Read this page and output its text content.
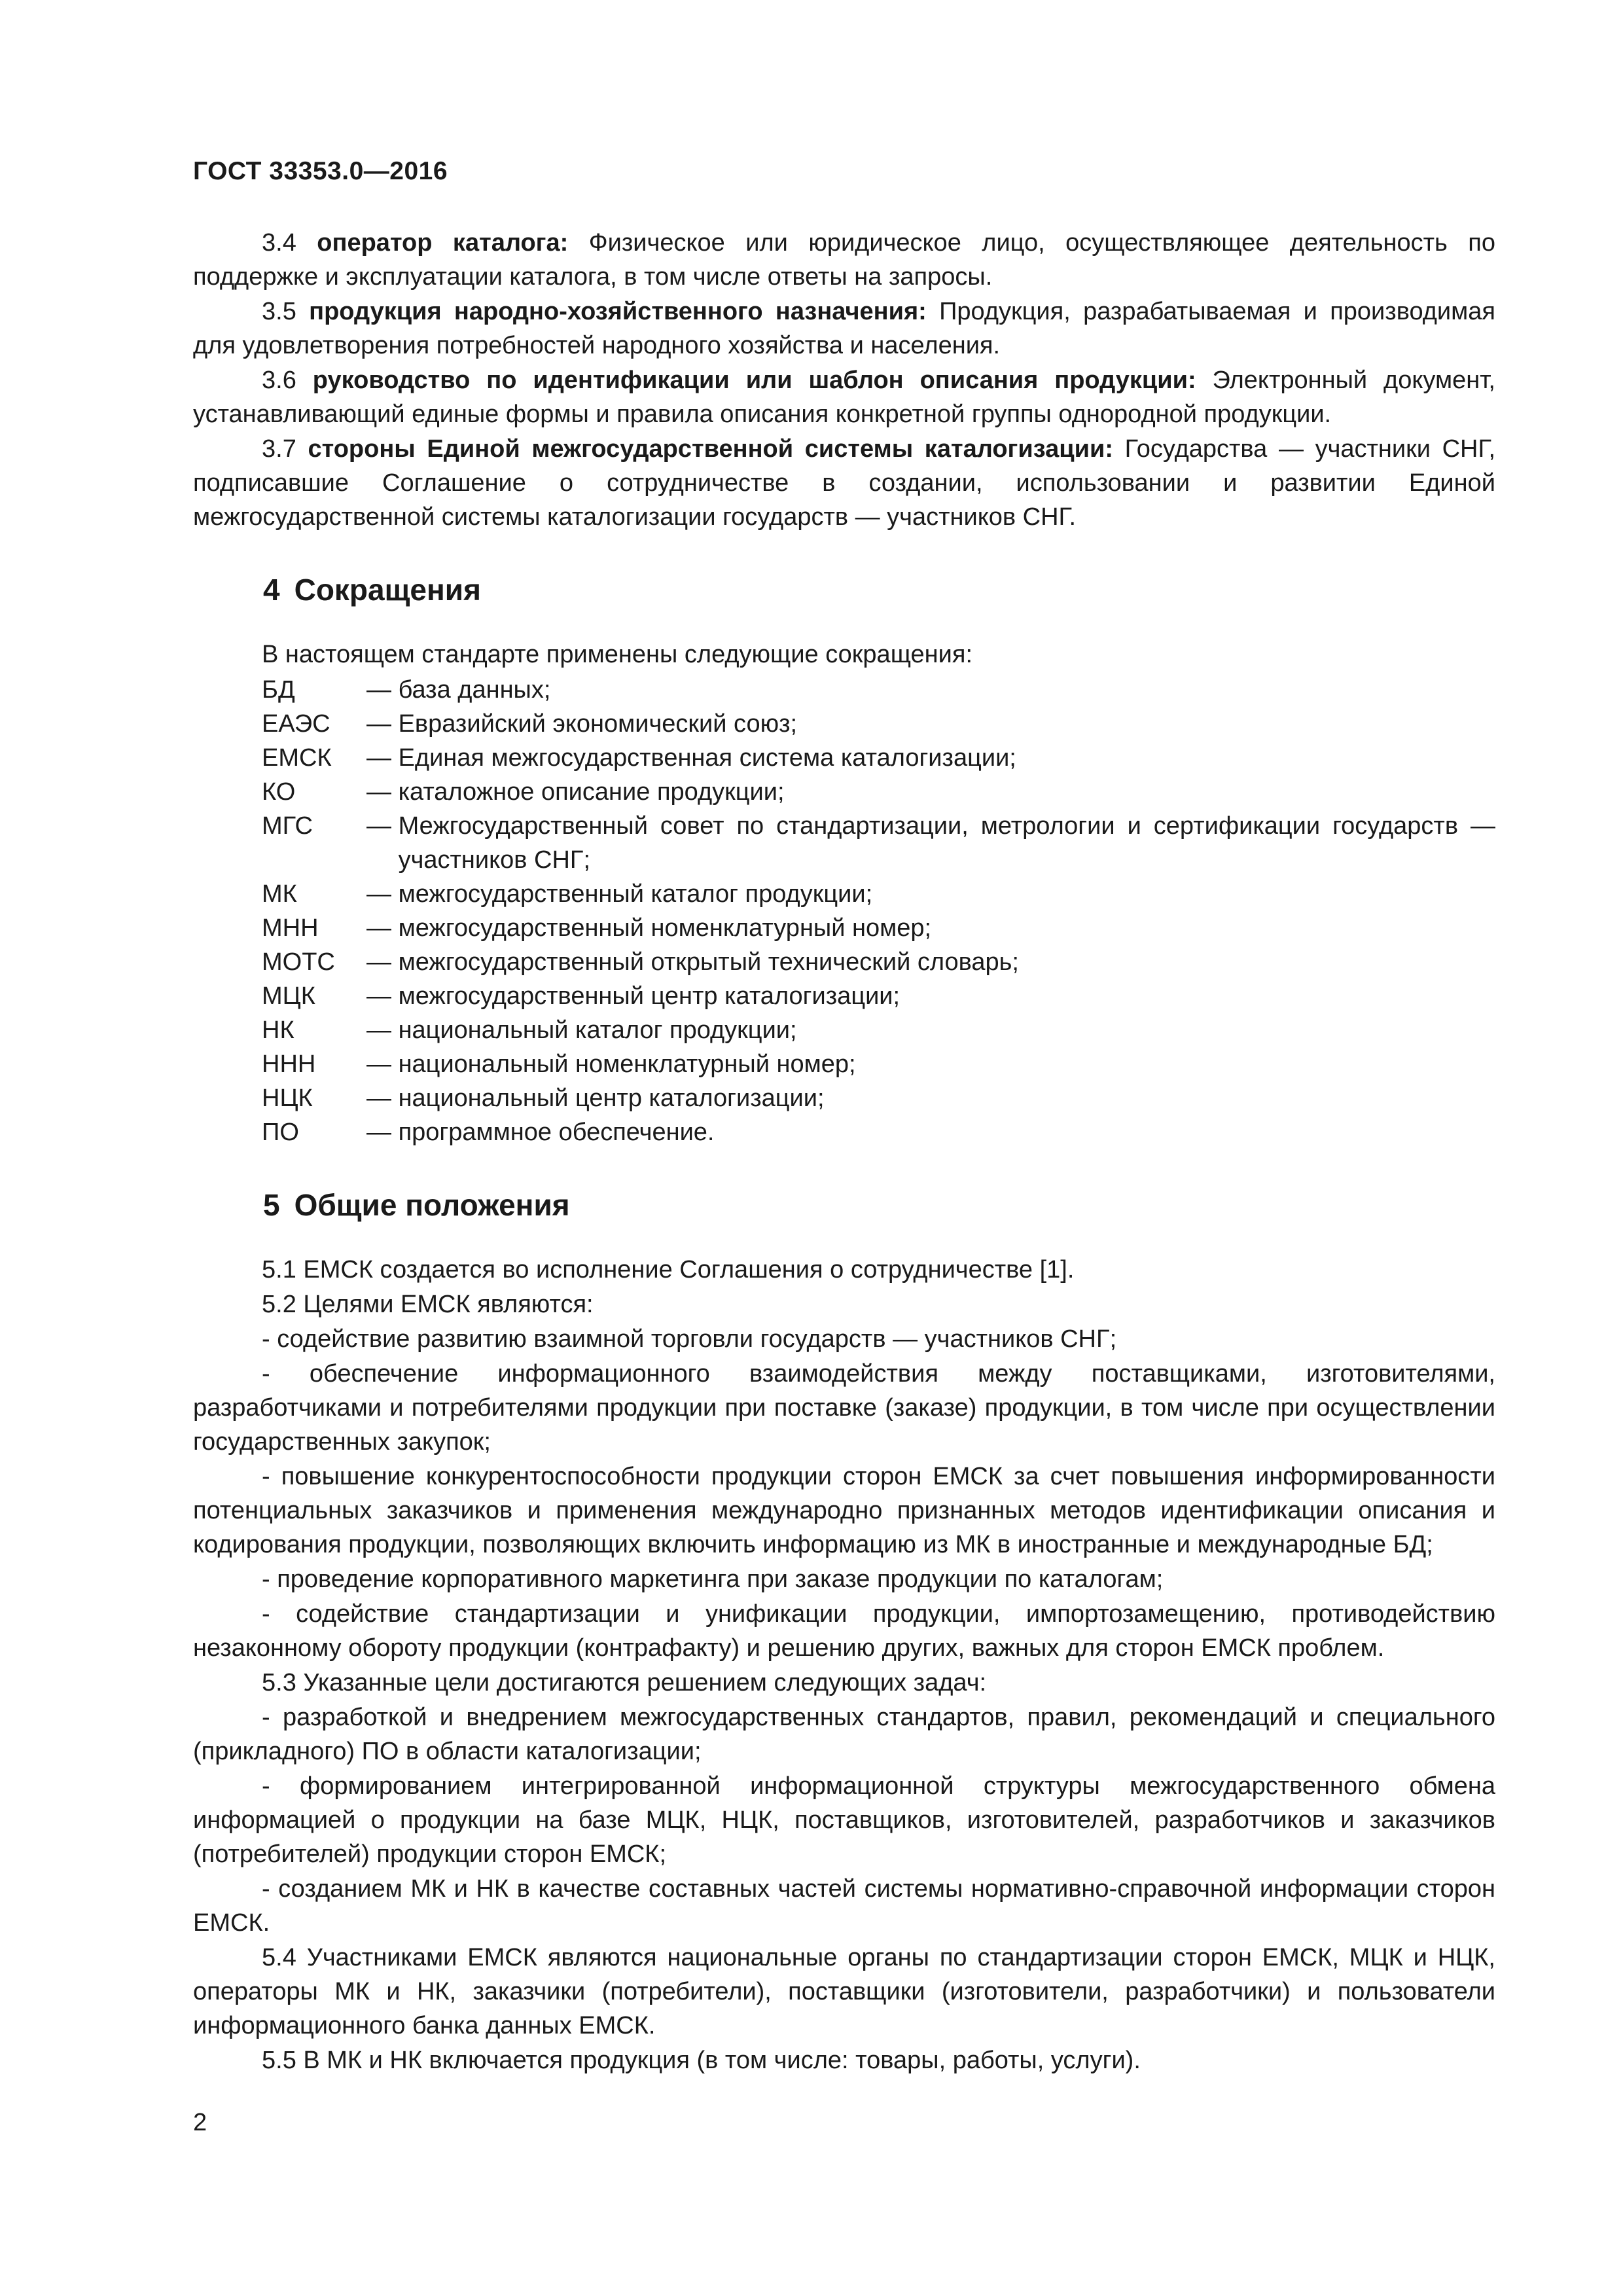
ГОСТ 33353.0—2016

3.4 оператор каталога: Физическое или юридическое лицо, осуществляющее деятельность по поддержке и эксплуатации каталога, в том числе ответы на запросы.

3.5 продукция народно-хозяйственного назначения: Продукция, разрабатываемая и производимая для удовлетворения потребностей народного хозяйства и населения.

3.6 руководство по идентификации или шаблон описания продукции: Электронный документ, устанавливающий единые формы и правила описания конкретной группы однородной продукции.

3.7 стороны Единой межгосударственной системы каталогизации: Государства — участники СНГ, подписавшие Соглашение о сотрудничестве в создании, использовании и развитии Единой межгосударственной системы каталогизации государств — участников СНГ.

4 Сокращения

В настоящем стандарте применены следующие сокращения:

БД	— база данных;

ЕАЭС	— Евразийский экономический союз;

ЕМСК	— Единая межгосударственная система каталогизации;

КО	— каталожное описание продукции;

МГС	— Межгосударственный совет по стандартизации, метрологии и сертификации государств — участников СНГ;

МК	— межгосударственный каталог продукции;

МНН	— межгосударственный номенклатурный номер;

МОТС	— межгосударственный открытый технический словарь;

МЦК	— межгосударственный центр каталогизации;

НК	— национальный каталог продукции;

ННН	— национальный номенклатурный номер;

НЦК	— национальный центр каталогизации;

ПО	— программное обеспечение.

5 Общие положения

5.1 ЕМСК создается во исполнение Соглашения о сотрудничестве [1].

5.2 Целями ЕМСК являются:

- содействие развитию взаимной торговли государств — участников СНГ;

- обеспечение информационного взаимодействия между поставщиками, изготовителями, разработчиками и потребителями продукции при поставке (заказе) продукции, в том числе при осуществлении государственных закупок;

- повышение конкурентоспособности продукции сторон ЕМСК за счет повышения информированности потенциальных заказчиков и применения международно признанных методов идентификации описания и кодирования продукции, позволяющих включить информацию из МК в иностранные и международные БД;

- проведение корпоративного маркетинга при заказе продукции по каталогам;

- содействие стандартизации и унификации продукции, импортозамещению, противодействию незаконному обороту продукции (контрафакту) и решению других, важных для сторон ЕМСК проблем.

5.3 Указанные цели достигаются решением следующих задач:

- разработкой и внедрением межгосударственных стандартов, правил, рекомендаций и специального (прикладного) ПО в области каталогизации;

- формированием интегрированной информационной структуры межгосударственного обмена информацией о продукции на базе МЦК, НЦК, поставщиков, изготовителей, разработчиков и заказчиков (потребителей) продукции сторон ЕМСК;

- созданием МК и НК в качестве составных частей системы нормативно-справочной информации сторон ЕМСК.

5.4 Участниками ЕМСК являются национальные органы по стандартизации сторон ЕМСК, МЦК и НЦК, операторы МК и НК, заказчики (потребители), поставщики (изготовители, разработчики) и пользователи информационного банка данных ЕМСК.

5.5 В МК и НК включается продукция (в том числе: товары, работы, услуги).

2
